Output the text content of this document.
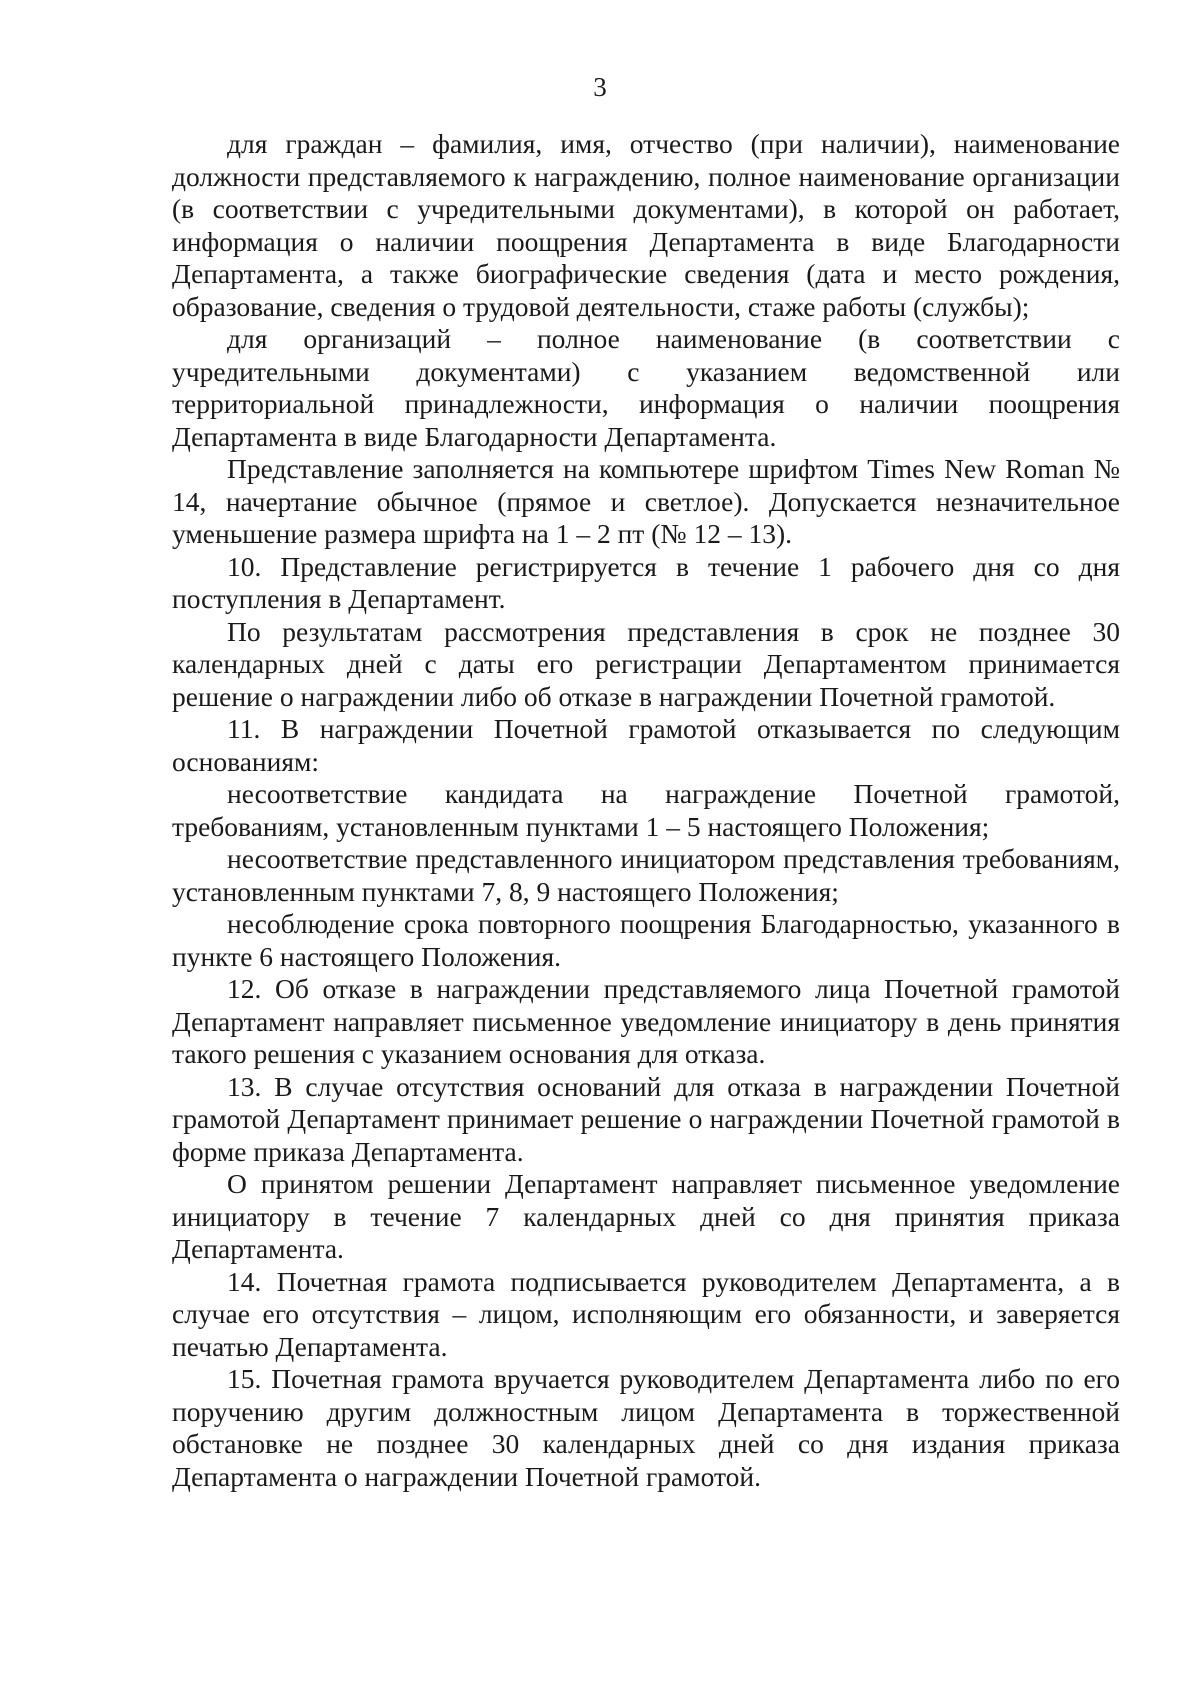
3

для граждан – фамилия, имя, отчество (при наличии), наименование должности представляемого к награждению, полное наименование организации (в соответствии с учредительными документами), в которой он работает, информация о наличии поощрения Департамента в виде Благодарности Департамента, а также биографические сведения (дата и место рождения, образование, сведения о трудовой деятельности, стаже работы (службы);

для организаций – полное наименование (в соответствии с учредительными документами) с указанием ведомственной или территориальной принадлежности, информация о наличии поощрения Департамента в виде Благодарности Департамента.

Представление заполняется на компьютере шрифтом Times New Roman № 14, начертание обычное (прямое и светлое). Допускается незначительное уменьшение размера шрифта на 1 – 2 пт (№ 12 – 13).

10. Представление регистрируется в течение 1 рабочего дня со дня поступления в Департамент.

По результатам рассмотрения представления в срок не позднее 30 календарных дней с даты его регистрации Департаментом принимается решение о награждении либо об отказе в награждении Почетной грамотой.

11. В награждении Почетной грамотой отказывается по следующим основаниям:

несоответствие кандидата на награждение Почетной грамотой, требованиям, установленным пунктами 1 – 5 настоящего Положения;

несоответствие представленного инициатором представления требованиям, установленным пунктами 7, 8, 9 настоящего Положения;

несоблюдение срока повторного поощрения Благодарностью, указанного в пункте 6 настоящего Положения.

12. Об отказе в награждении представляемого лица Почетной грамотой Департамент направляет письменное уведомление инициатору в день принятия такого решения с указанием основания для отказа.

13. В случае отсутствия оснований для отказа в награждении Почетной грамотой Департамент принимает решение о награждении Почетной грамотой в форме приказа Департамента.

О принятом решении Департамент направляет письменное уведомление инициатору в течение 7 календарных дней со дня принятия приказа Департамента.

14. Почетная грамота подписывается руководителем Департамента, а в случае его отсутствия – лицом, исполняющим его обязанности, и заверяется печатью Департамента.

15. Почетная грамота вручается руководителем Департамента либо по его поручению другим должностным лицом Департамента в торжественной обстановке не позднее 30 календарных дней со дня издания приказа Департамента о награждении Почетной грамотой.
